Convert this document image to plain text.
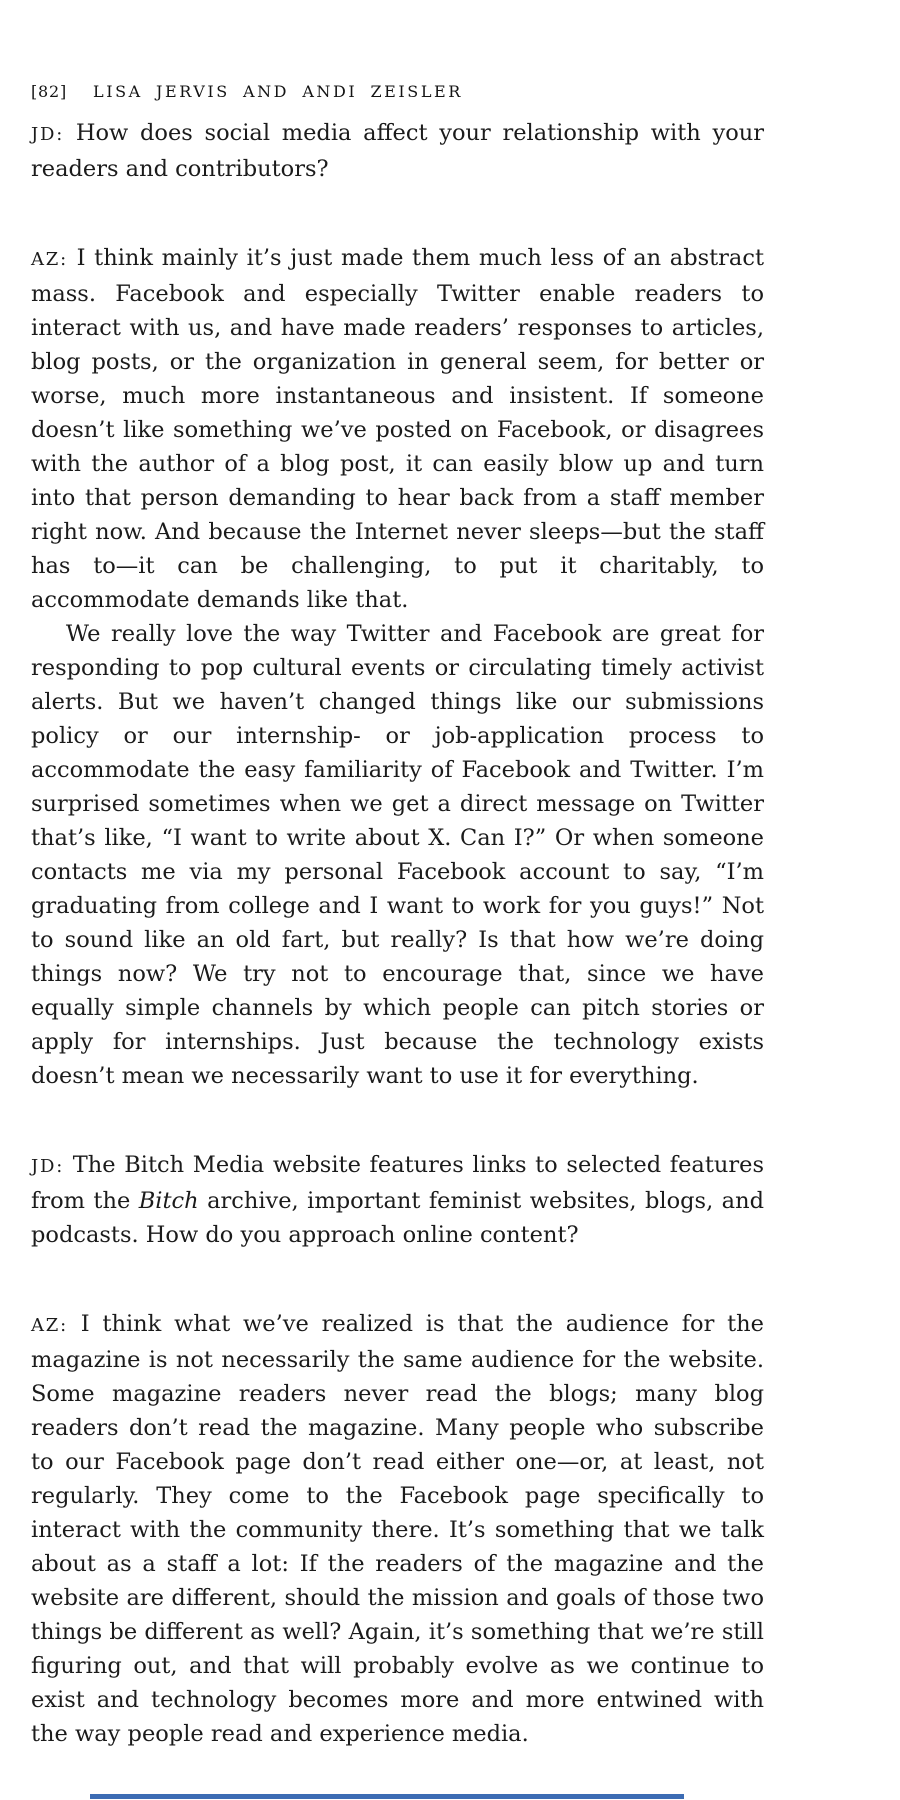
[82] LISA JERVIS AND ANDI ZEISLER

JD: How does social media affect your relationship with your readers and contributors?

AZ: I think mainly it’s just made them much less of an abstract mass. Facebook and especially Twitter enable readers to interact with us, and have made readers’ responses to articles, blog posts, or the organization in general seem, for better or worse, much more instantaneous and insistent. If someone doesn’t like something we’ve posted on Facebook, or disagrees with the author of a blog post, it can easily blow up and turn into that person demanding to hear back from a staff member right now. And because the Internet never sleeps—but the staff has to—it can be challenging, to put it charitably, to accommodate demands like that.

We really love the way Twitter and Facebook are great for responding to pop cultural events or circulating timely activist alerts. But we haven’t changed things like our submissions policy or our internship- or job-application process to accommodate the easy familiarity of Facebook and Twitter. I’m surprised sometimes when we get a direct message on Twitter that’s like, “I want to write about X. Can I?” Or when someone contacts me via my personal Facebook account to say, “I’m graduating from college and I want to work for you guys!” Not to sound like an old fart, but really? Is that how we’re doing things now? We try not to encourage that, since we have equally simple channels by which people can pitch stories or apply for internships. Just because the technology exists doesn’t mean we necessarily want to use it for everything.

JD: The Bitch Media website features links to selected features from the Bitch archive, important feminist websites, blogs, and podcasts. How do you approach online content?

AZ: I think what we’ve realized is that the audience for the magazine is not necessarily the same audience for the website. Some magazine readers never read the blogs; many blog readers don’t read the magazine. Many people who subscribe to our Facebook page don’t read either one—or, at least, not regularly. They come to the Facebook page specifically to interact with the community there. It’s something that we talk about as a staff a lot: If the readers of the magazine and the website are different, should the mission and goals of those two things be different as well? Again, it’s something that we’re still figuring out, and that will probably evolve as we continue to exist and technology becomes more and more entwined with the way people read and experience media.
